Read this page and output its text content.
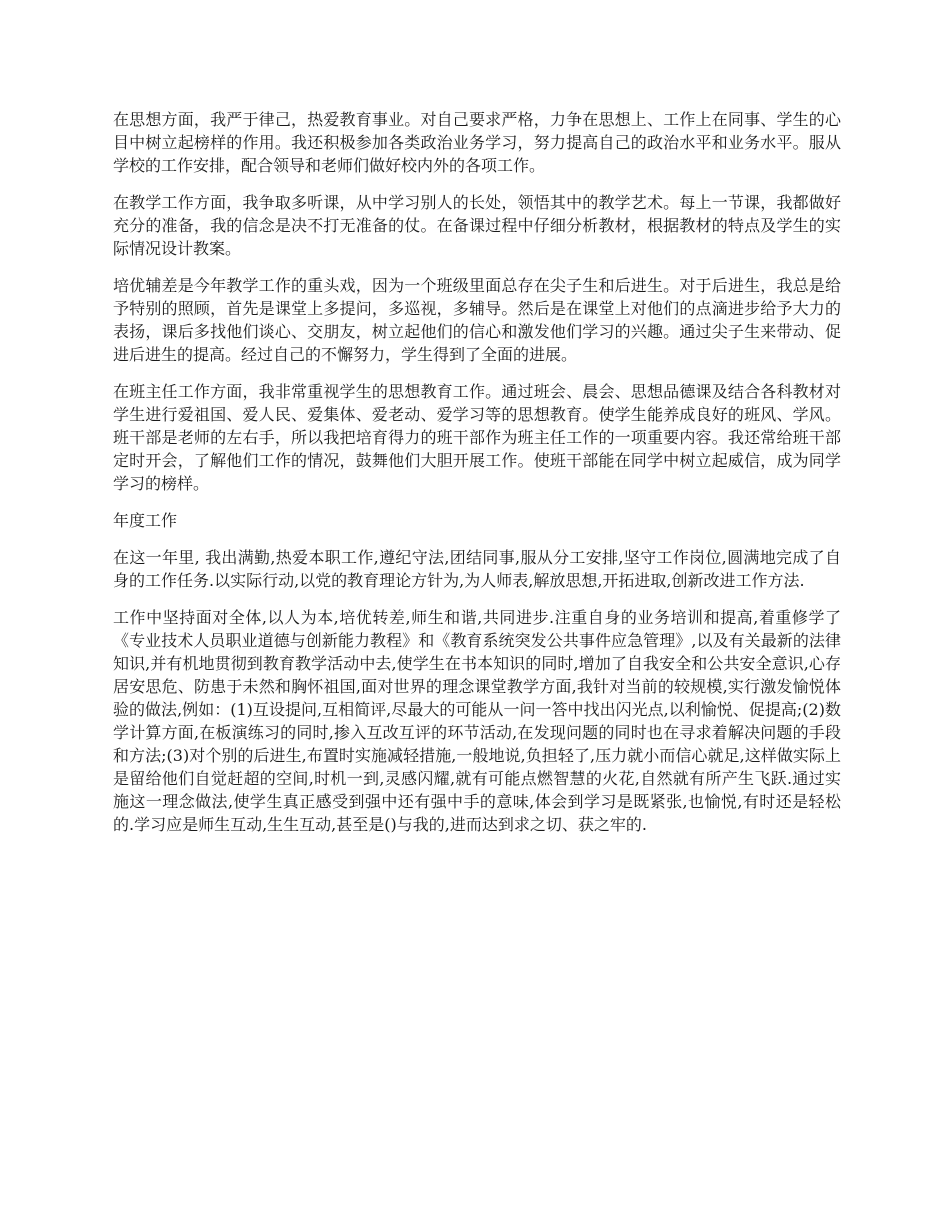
在思想方面，我严于律己，热爱教育事业。对自己要求严格，力争在思想上、工作上在同事、学生的心目中树立起榜样的作用。我还积极参加各类政治业务学习，努力提高自己的政治水平和业务水平。服从学校的工作安排，配合领导和老师们做好校内外的各项工作。

在教学工作方面，我争取多听课，从中学习别人的长处，领悟其中的教学艺术。每上一节课，我都做好充分的准备，我的信念是决不打无准备的仗。在备课过程中仔细分析教材，根据教材的特点及学生的实际情况设计教案。

培优辅差是今年教学工作的重头戏，因为一个班级里面总存在尖子生和后进生。对于后进生，我总是给予特别的照顾，首先是课堂上多提问，多巡视，多辅导。然后是在课堂上对他们的点滴进步给予大力的表扬，课后多找他们谈心、交朋友，树立起他们的信心和激发他们学习的兴趣。通过尖子生来带动、促进后进生的提高。经过自己的不懈努力，学生得到了全面的进展。

在班主任工作方面，我非常重视学生的思想教育工作。通过班会、晨会、思想品德课及结合各科教材对学生进行爱祖国、爱人民、爱集体、爱老动、爱学习等的思想教育。使学生能养成良好的班风、学风。班干部是老师的左右手，所以我把培育得力的班干部作为班主任工作的一项重要内容。我还常给班干部定时开会，了解他们工作的情况，鼓舞他们大胆开展工作。使班干部能在同学中树立起威信，成为同学学习的榜样。

年度工作

在这一年里, 我出满勤,热爱本职工作,遵纪守法,团结同事,服从分工安排,坚守工作岗位,圆满地完成了自身的工作任务.以实际行动,以党的教育理论方针为,为人师表,解放思想,开拓进取,创新改进工作方法.

工作中坚持面对全体,以人为本,培优转差,师生和谐,共同进步.注重自身的业务培训和提高,着重修学了《专业技术人员职业道德与创新能力教程》和《教育系统突发公共事件应急管理》,以及有关最新的法律知识,并有机地贯彻到教育教学活动中去,使学生在书本知识的同时,增加了自我安全和公共安全意识,心存居安思危、防患于未然和胸怀祖国,面对世界的理念课堂教学方面,我针对当前的较规模,实行激发愉悦体验的做法,例如：(1)互设提问,互相简评,尽最大的可能从一问一答中找出闪光点,以利愉悦、促提高;(2)数学计算方面,在板演练习的同时,掺入互改互评的环节活动,在发现问题的同时也在寻求着解决问题的手段和方法;(3)对个别的后进生,布置时实施减轻措施,一般地说,负担轻了,压力就小而信心就足,这样做实际上是留给他们自觉赶超的空间,时机一到,灵感闪耀,就有可能点燃智慧的火花,自然就有所产生飞跃.通过实施这一理念做法,使学生真正感受到强中还有强中手的意味,体会到学习是既紧张,也愉悦,有时还是轻松的.学习应是师生互动,生生互动,甚至是()与我的,进而达到求之切、获之牢的.
